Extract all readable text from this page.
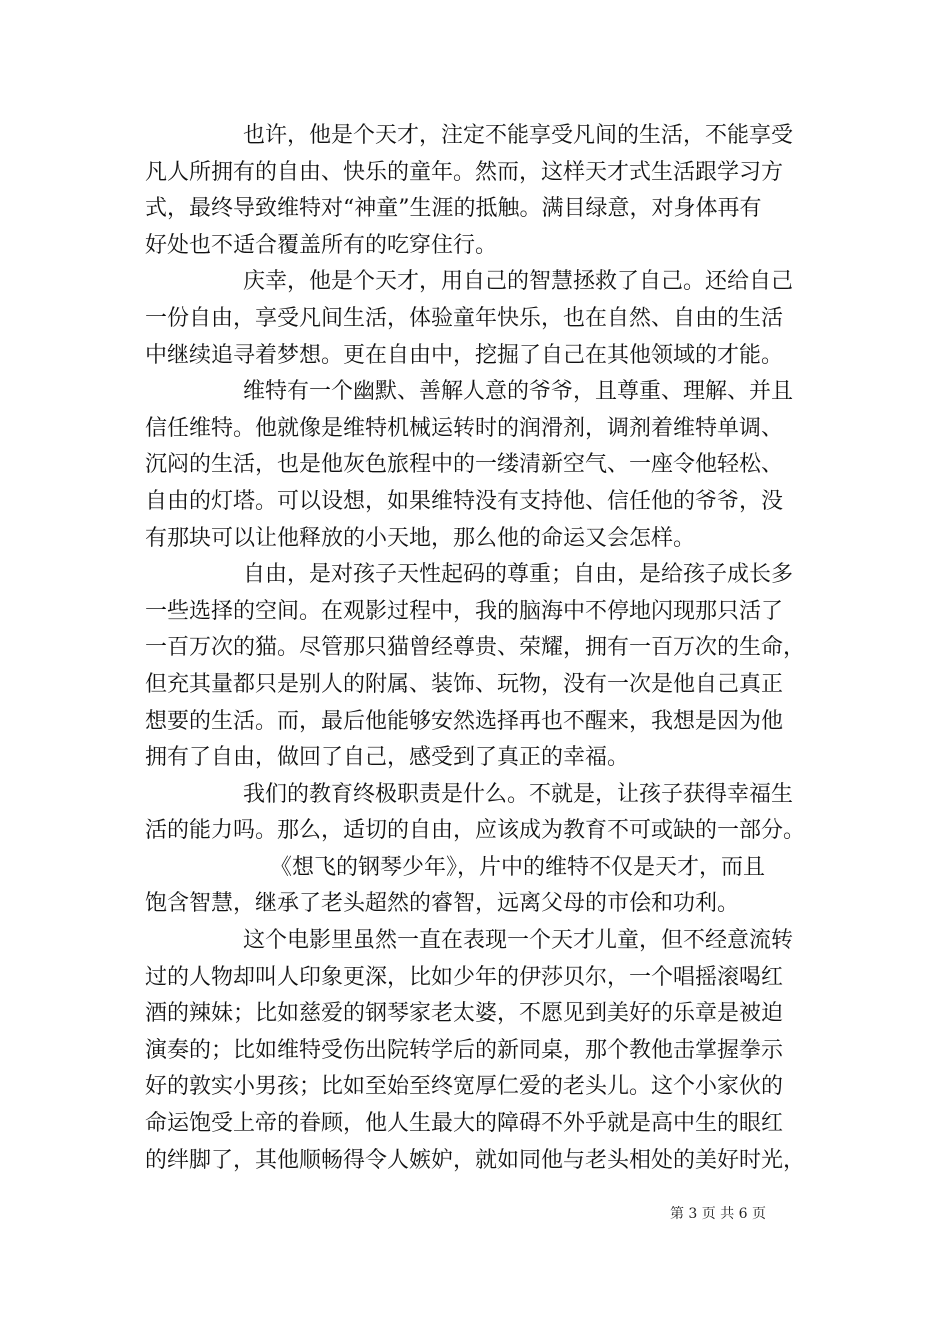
也许，他是个天才，注定不能享受凡间的生活，不能享受
凡人所拥有的自由、快乐的童年。然而，这样天才式生活跟学习方
式，最终导致维特对“神童”生涯的抵触。满目绿意，对身体再有
好处也不适合覆盖所有的吃穿住行。
庆幸，他是个天才，用自己的智慧拯救了自己。还给自己
一份自由，享受凡间生活，体验童年快乐，也在自然、自由的生活
中继续追寻着梦想。更在自由中，挖掘了自己在其他领域的才能。
维特有一个幽默、善解人意的爷爷，且尊重、理解、并且
信任维特。他就像是维特机械运转时的润滑剂，调剂着维特单调、
沉闷的生活，也是他灰色旅程中的一缕清新空气、一座令他轻松、
自由的灯塔。可以设想，如果维特没有支持他、信任他的爷爷，没
有那块可以让他释放的小天地，那么他的命运又会怎样。
自由，是对孩子天性起码的尊重；自由，是给孩子成长多
一些选择的空间。在观影过程中，我的脑海中不停地闪现那只活了
一百万次的猫。尽管那只猫曾经尊贵、荣耀，拥有一百万次的生命，
但充其量都只是别人的附属、装饰、玩物，没有一次是他自己真正
想要的生活。而，最后他能够安然选择再也不醒来，我想是因为他
拥有了自由，做回了自己，感受到了真正的幸福。
我们的教育终极职责是什么。不就是，让孩子获得幸福生
活的能力吗。那么，适切的自由，应该成为教育不可或缺的一部分。
《想飞的钢琴少年》，片中的维特不仅是天才，而且
饱含智慧，继承了老头超然的睿智，远离父母的市侩和功利。
这个电影里虽然一直在表现一个天才儿童，但不经意流转
过的人物却叫人印象更深，比如少年的伊莎贝尔，一个唱摇滚喝红
酒的辣妹；比如慈爱的钢琴家老太婆，不愿见到美好的乐章是被迫
演奏的；比如维特受伤出院转学后的新同桌，那个教他击掌握拳示
好的敦实小男孩；比如至始至终宽厚仁爱的老头儿。这个小家伙的
命运饱受上帝的眷顾，他人生最大的障碍不外乎就是高中生的眼红
的绊脚了，其他顺畅得令人嫉妒，就如同他与老头相处的美好时光，
第 3 页 共 6 页
